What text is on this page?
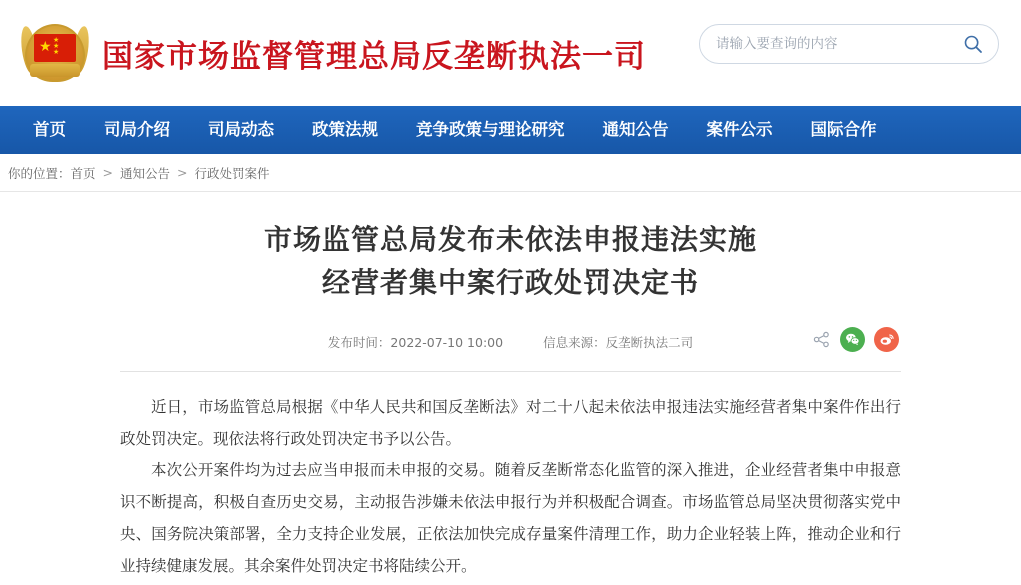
★ ★
★
★ 国家市场监督管理总局反垄断执法一司
请输入要查询的内容
首页	司局介绍	司局动态	政策法规	竞争政策与理论研究	通知公告	案件公示	国际合作
你的位置： 首页 > 通知公告 > 行政处罚案件
市场监管总局发布未依法申报违法实施
经营者集中案行政处罚决定书
发布时间：2022-07-10 10:00	信息来源：反垄断执法二司

近日，市场监管总局根据《中华人民共和国反垄断法》对二十八起未依法申报违法实施经营者集中案件作出行政处罚决定。现依法将行政处罚决定书予以公告。

本次公开案件均为过去应当申报而未申报的交易。随着反垄断常态化监管的深入推进，企业经营者集中申报意识不断提高，积极自查历史交易，主动报告涉嫌未依法申报行为并积极配合调查。市场监管总局坚决贯彻落实党中央、国务院决策部署，全力支持企业发展，正依法加快完成存量案件清理工作，助力企业轻装上阵，推动企业和行业持续健康发展。其余案件处罚决定书将陆续公开。
